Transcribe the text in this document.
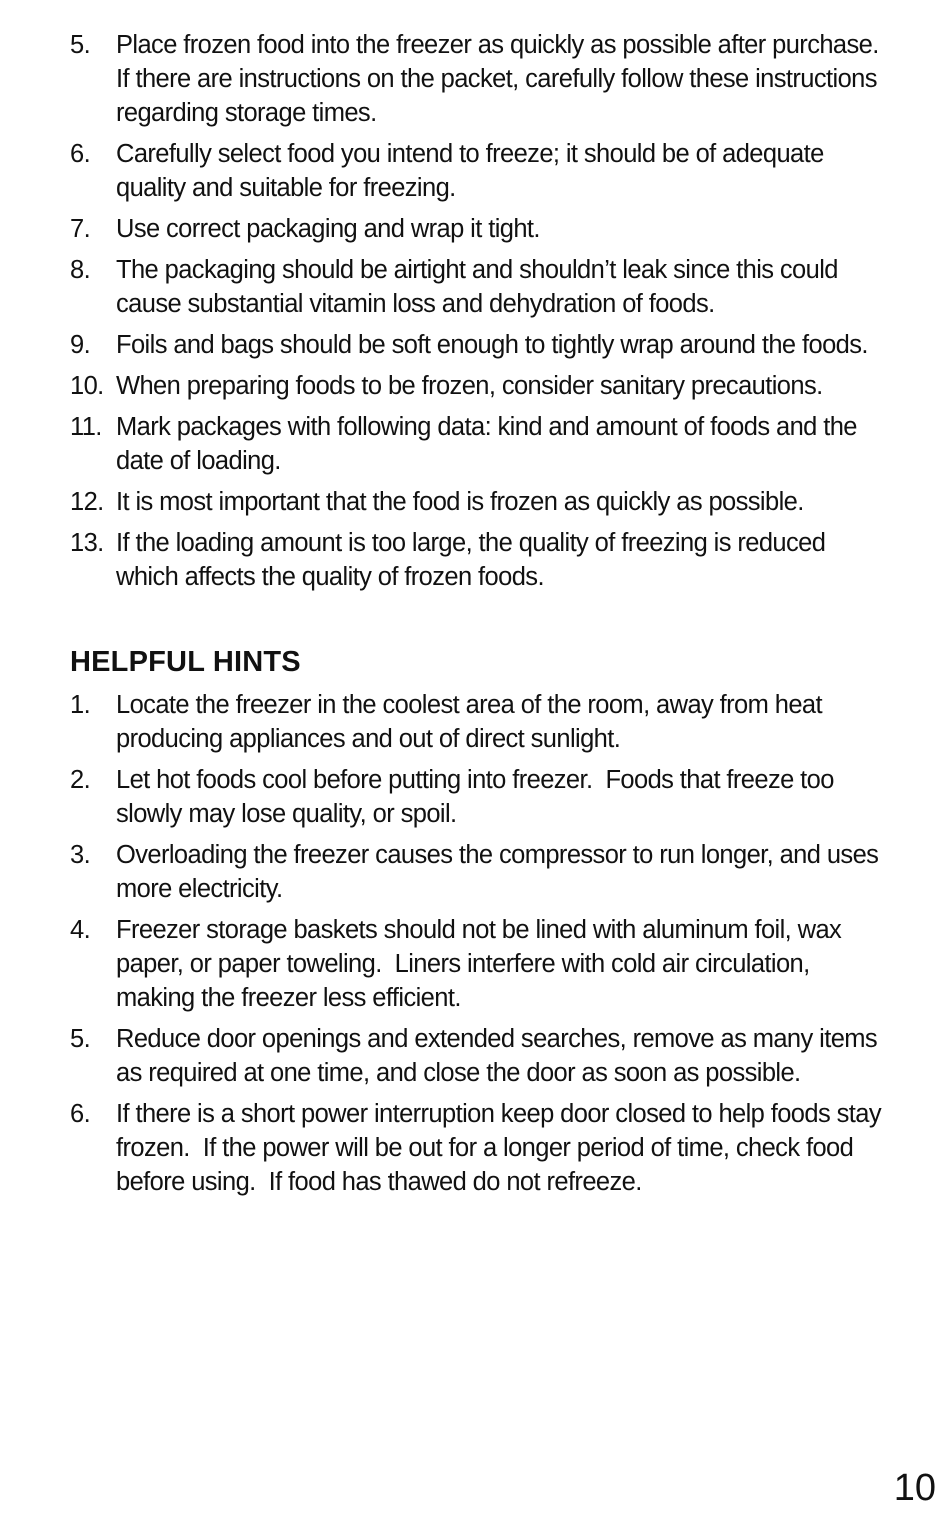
5.	Place frozen food into the freezer as quickly as possible after purchase.  If there are instructions on the packet, carefully follow these instructions regarding storage times.
6.	Carefully select food you intend to freeze; it should be of adequate quality and suitable for freezing.
7.	Use correct packaging and wrap it tight.
8.	The packaging should be airtight and shouldn’t leak since this could cause substantial vitamin loss and dehydration of foods.
9.	Foils and bags should be soft enough to tightly wrap around the foods.
10. When preparing foods to be frozen, consider sanitary precautions.
11. Mark packages with following data: kind and amount of foods and the date of loading.
12. It is most important that the food is frozen as quickly as possible.
13. If the loading amount is too large, the quality of freezing is reduced which affects the quality of frozen foods.
HELPFUL HINTS
1.	Locate the freezer in the coolest area of the room, away from heat producing appliances and out of direct sunlight.
2.	Let hot foods cool before putting into freezer.  Foods that freeze too slowly may lose quality, or spoil.
3.	Overloading the freezer causes the compressor to run longer, and uses  more electricity.
4.	Freezer storage baskets should not be lined with aluminum foil, wax paper, or paper toweling.  Liners interfere with cold air circulation, making the freezer less efficient.
5.	Reduce door openings and extended searches, remove as many items as required at one time, and close the door as soon as possible.
6.	If there is a short power interruption keep door closed to help foods stay frozen.  If the power will be out for a longer period of time, check food before using.  If food has thawed do not refreeze.
10
